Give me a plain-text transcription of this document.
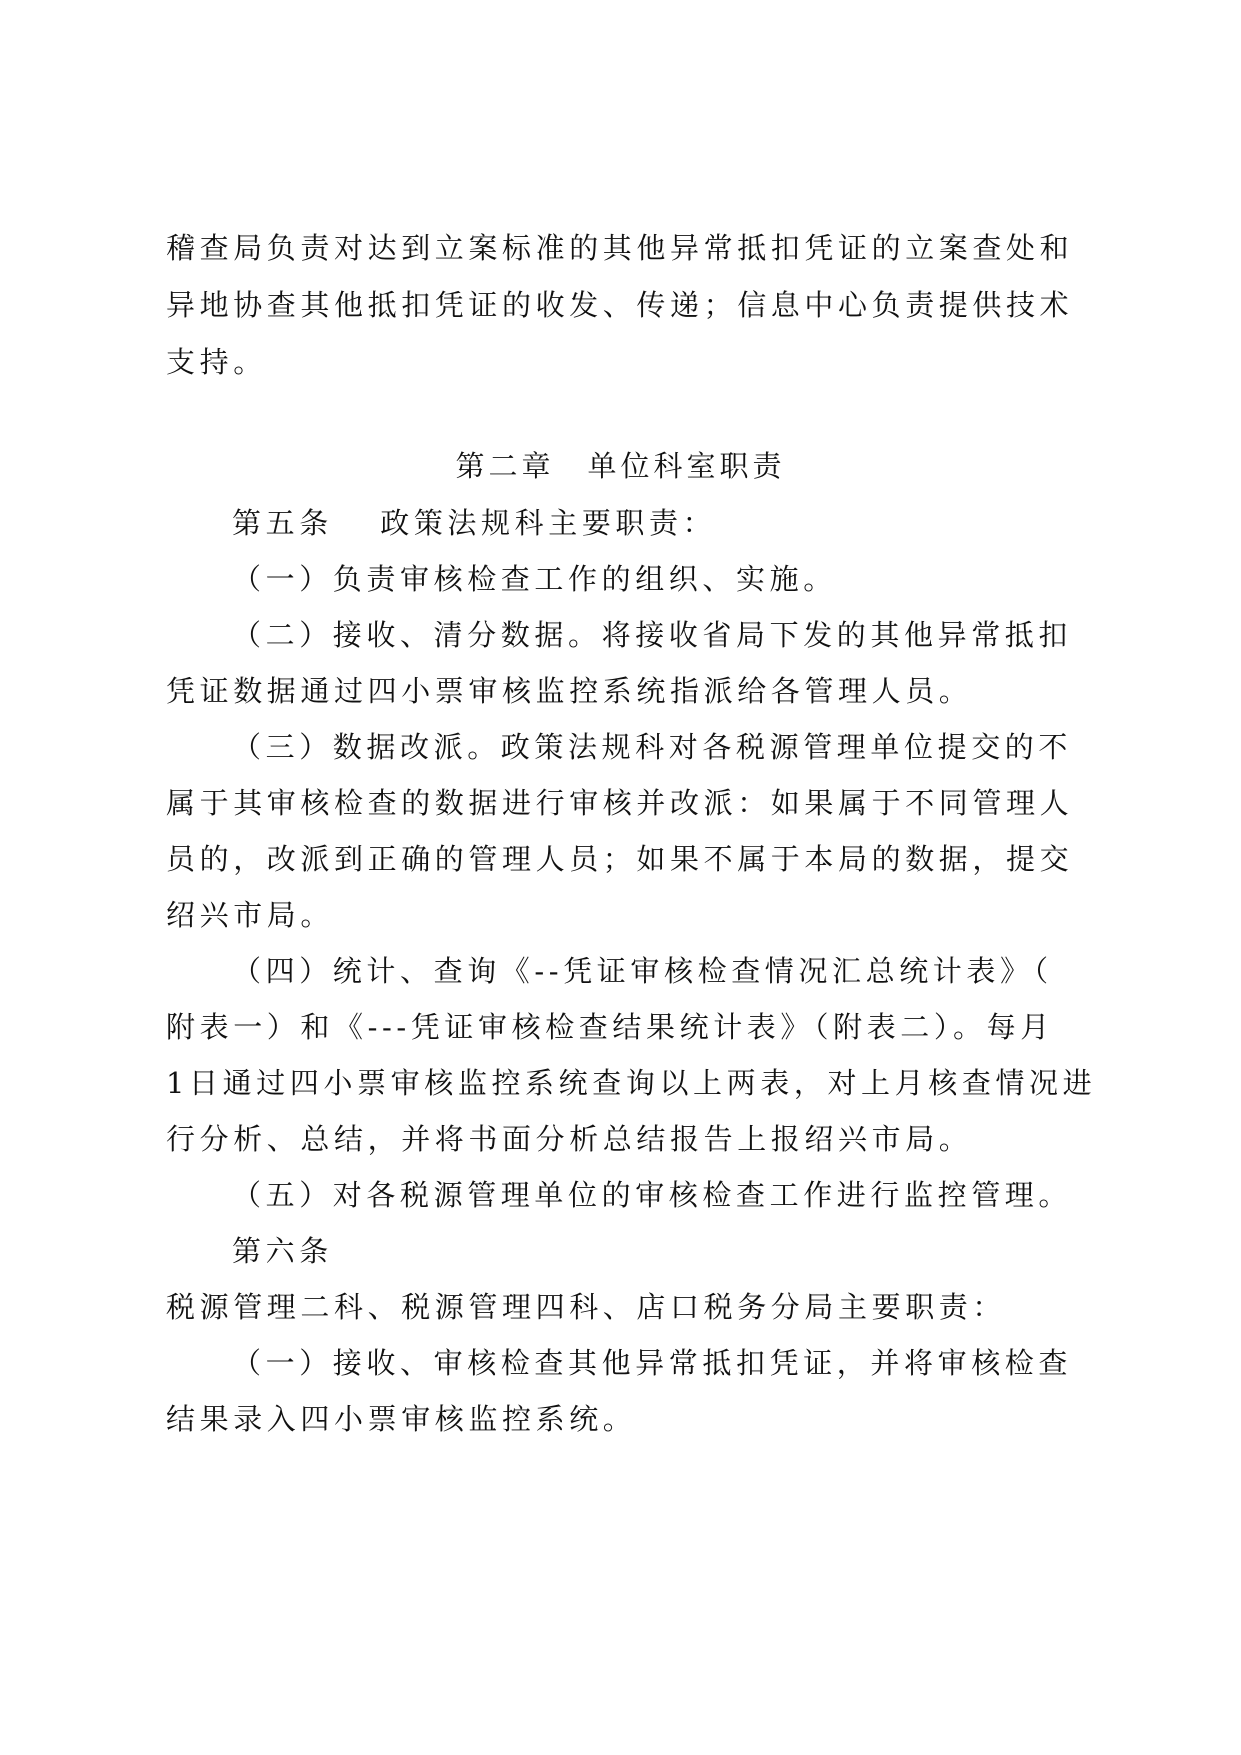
稽查局负责对达到立案标准的其他异常抵扣凭证的立案查处和
异地协查其他抵扣凭证的收发、传递；信息中心负责提供技术
支持。
第二章　单位科室职责
第五条　 政策法规科主要职责：
（一）负责审核检查工作的组织、实施。
（二）接收、清分数据。将接收省局下发的其他异常抵扣
凭证数据通过四小票审核监控系统指派给各管理人员。
（三）数据改派。政策法规科对各税源管理单位提交的不
属于其审核检查的数据进行审核并改派：如果属于不同管理人
员的，改派到正确的管理人员；如果不属于本局的数据，提交
绍兴市局。
（四）统计、查询《--凭证审核检查情况汇总统计表》（
附表一）和《---凭证审核检查结果统计表》（附表二）。每月
1日通过四小票审核监控系统查询以上两表，对上月核查情况进
行分析、总结，并将书面分析总结报告上报绍兴市局。
（五）对各税源管理单位的审核检查工作进行监控管理。
第六条
税源管理二科、税源管理四科、店口税务分局主要职责：
（一）接收、审核检查其他异常抵扣凭证，并将审核检查
结果录入四小票审核监控系统。
